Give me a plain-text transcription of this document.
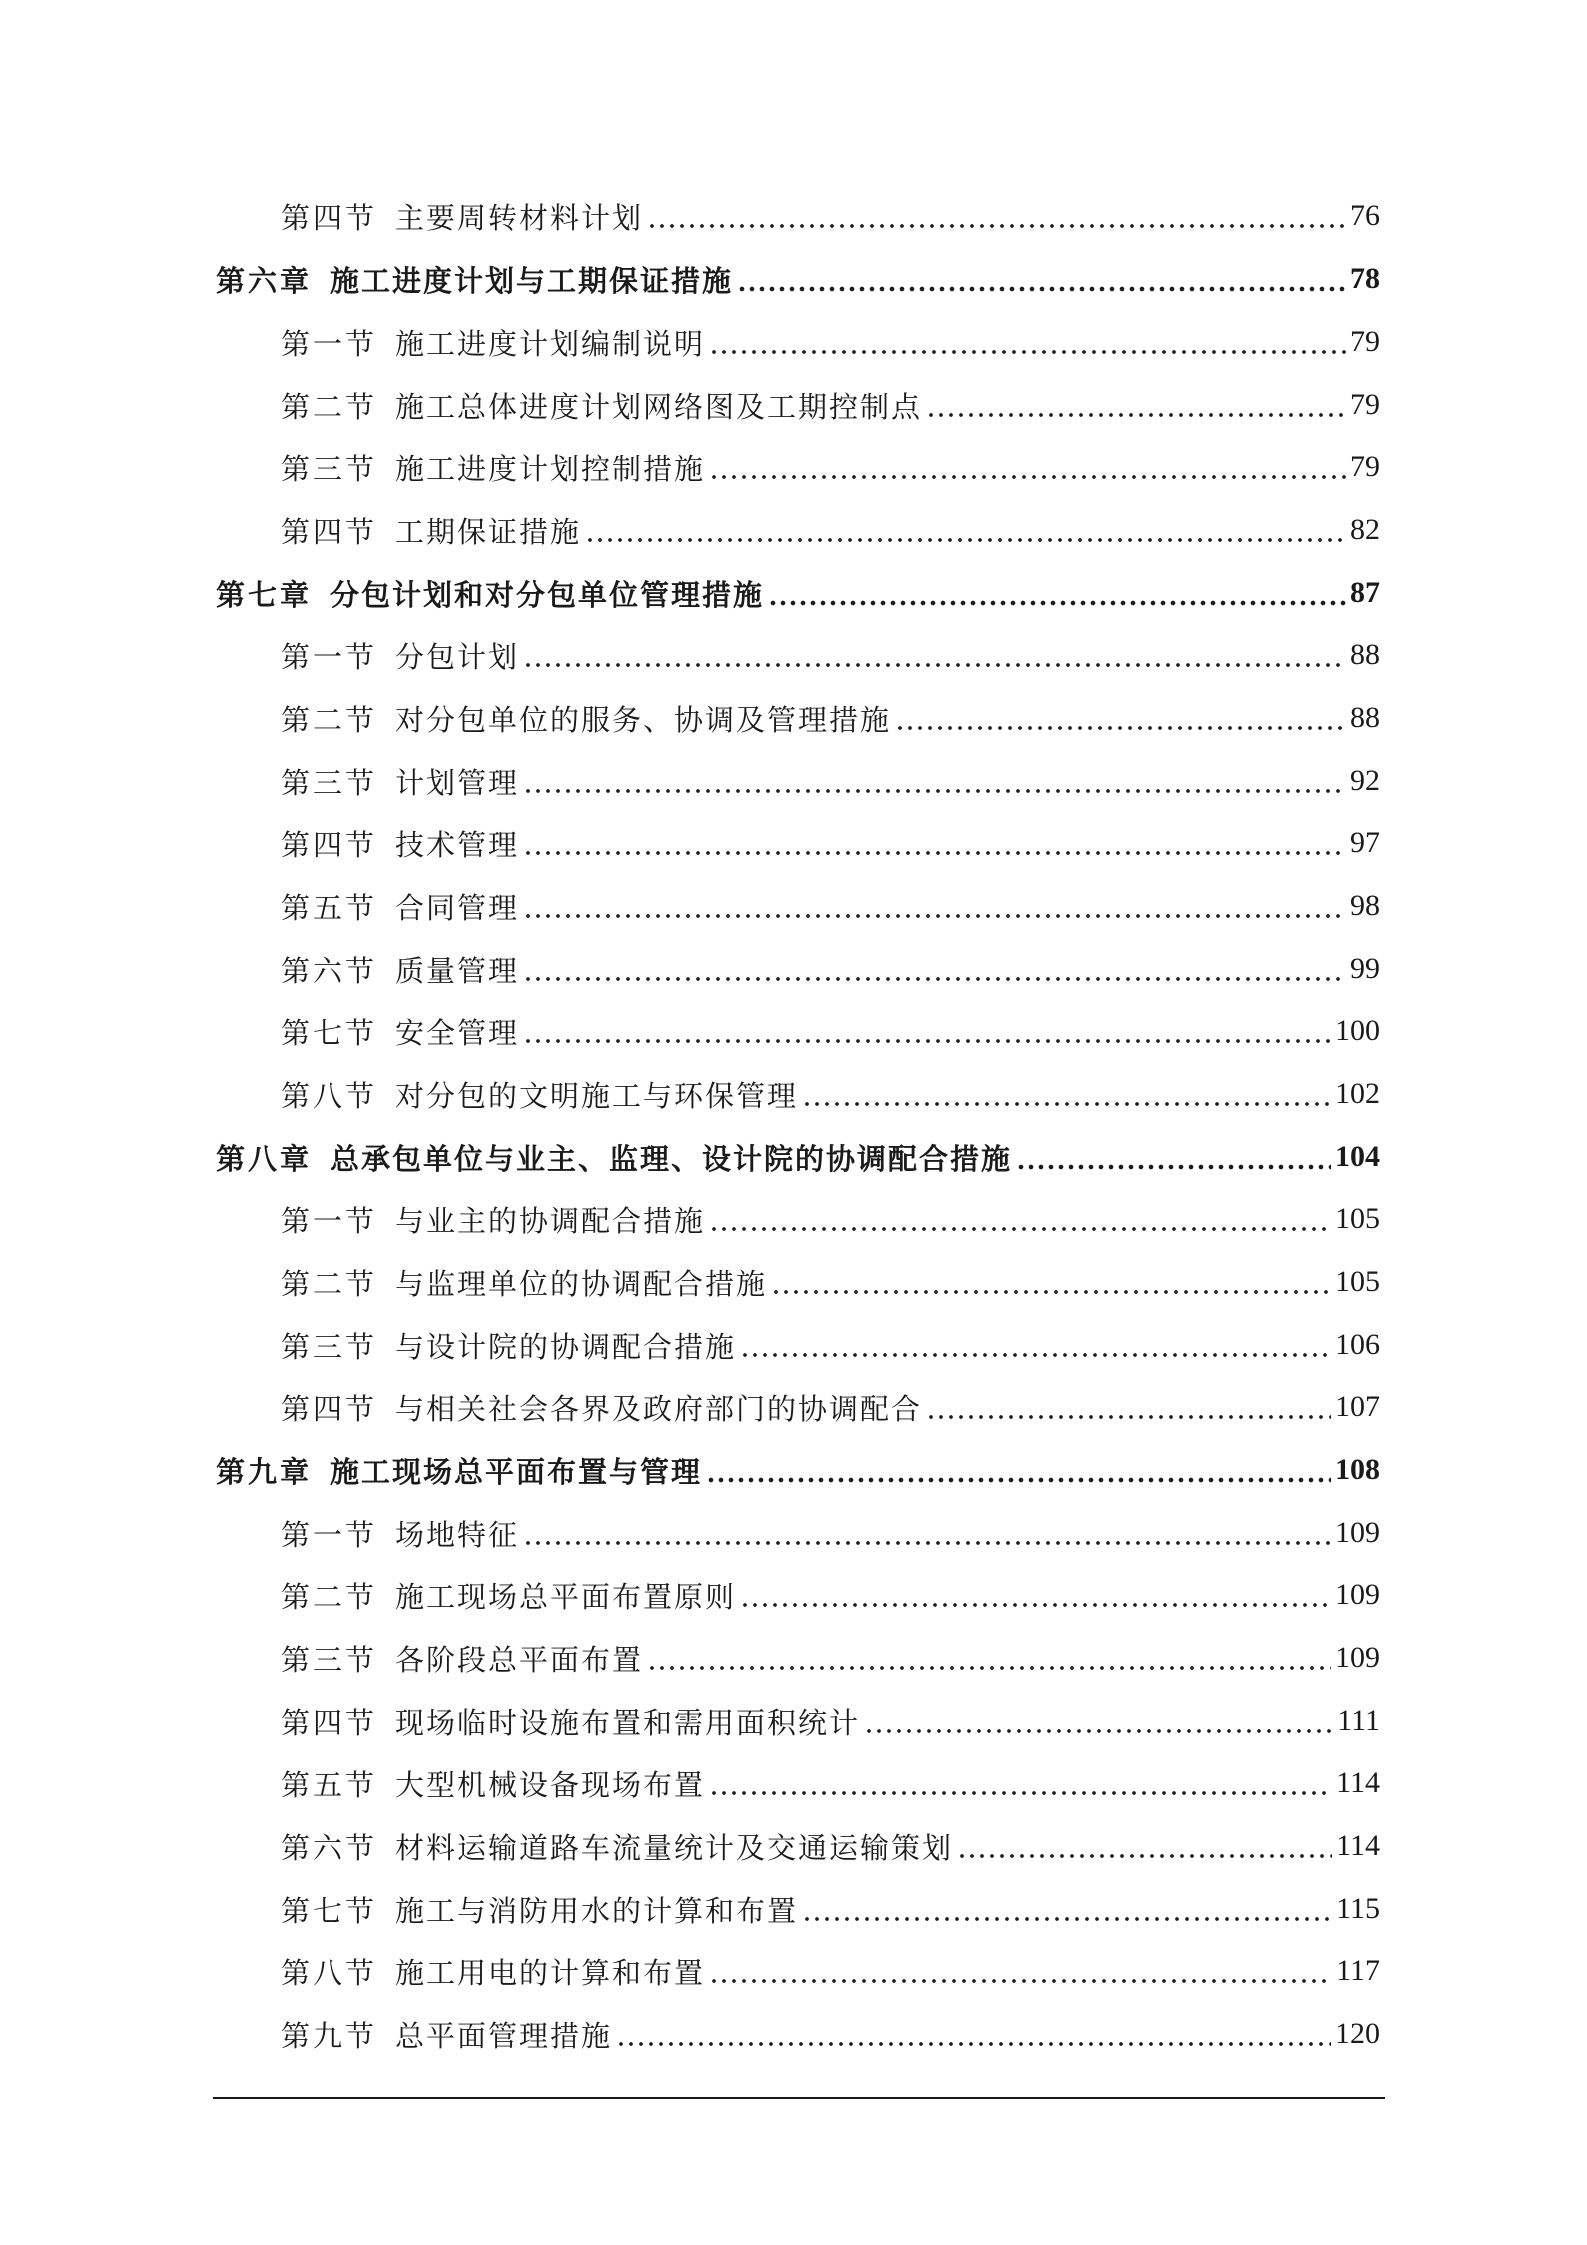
第四节 主要周转材料计划	76
第六章 施工进度计划与工期保证措施	78
第一节 施工进度计划编制说明	79
第二节 施工总体进度计划网络图及工期控制点	79
第三节 施工进度计划控制措施	79
第四节 工期保证措施	82
第七章 分包计划和对分包单位管理措施	87
第一节 分包计划	88
第二节 对分包单位的服务、协调及管理措施	88
第三节 计划管理	92
第四节 技术管理	97
第五节 合同管理	98
第六节 质量管理	99
第七节 安全管理	100
第八节 对分包的文明施工与环保管理	102
第八章 总承包单位与业主、监理、设计院的协调配合措施	104
第一节 与业主的协调配合措施	105
第二节 与监理单位的协调配合措施	105
第三节 与设计院的协调配合措施	106
第四节 与相关社会各界及政府部门的协调配合	107
第九章 施工现场总平面布置与管理	108
第一节 场地特征	109
第二节 施工现场总平面布置原则	109
第三节 各阶段总平面布置	109
第四节 现场临时设施布置和需用面积统计	111
第五节 大型机械设备现场布置	114
第六节 材料运输道路车流量统计及交通运输策划	114
第七节 施工与消防用水的计算和布置	115
第八节 施工用电的计算和布置	117
第九节 总平面管理措施	120
